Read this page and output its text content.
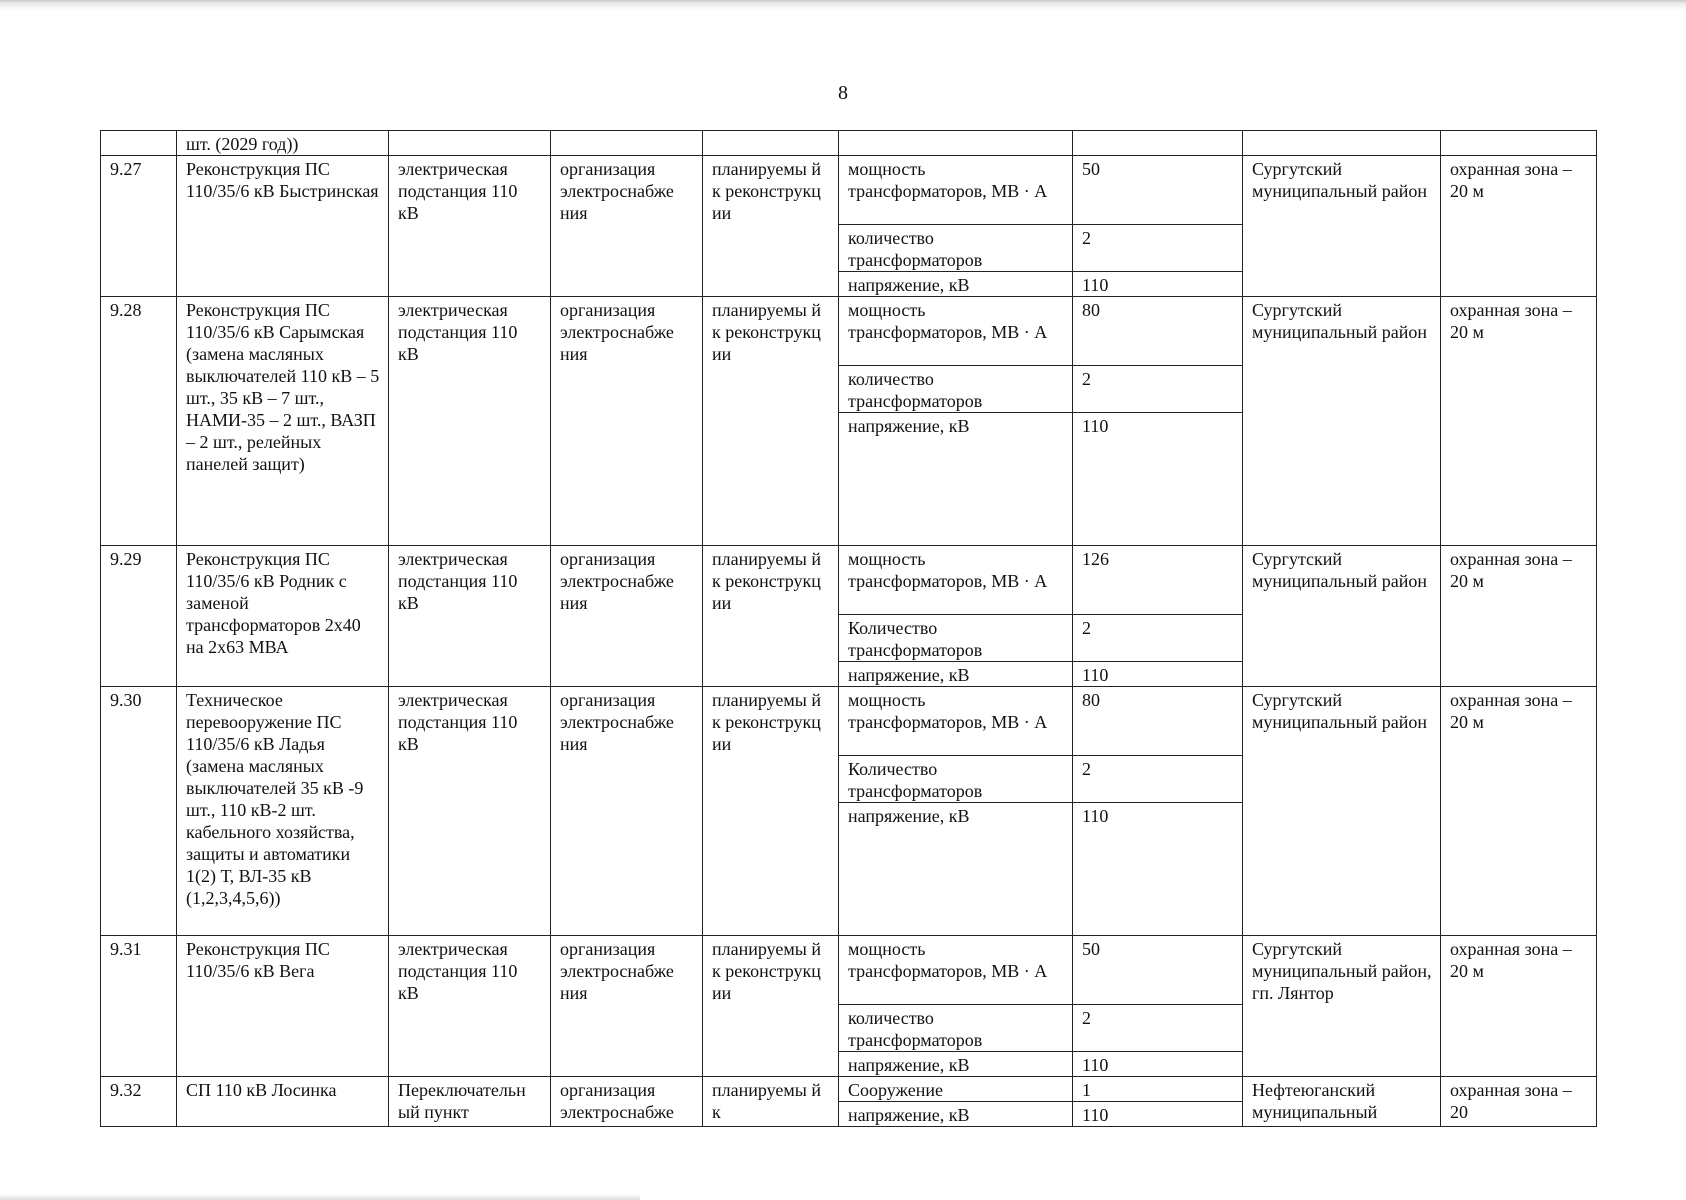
8
	шт. (2029 год))							
9.27	Реконструкция ПС 110/35/6 кВ Быстринская	электрическая подстанция 110 кВ	организация электроснабже ния	планируемы й к реконструкц ии	мощность трансформаторов, МВ · А	50	Сургутский муниципальный район	охранная зона – 20 м
					количество трансформаторов	2		
					напряжение, кВ	110		
9.28	Реконструкция ПС 110/35/6 кВ Сарымская (замена масляных выключателей 110 кВ – 5 шт., 35 кВ – 7 шт., НАМИ-35 – 2 шт., ВАЗП – 2 шт., релейных панелей защит)	электрическая подстанция 110 кВ	организация электроснабже ния	планируемы й к реконструкц ии	мощность трансформаторов, МВ · А	80	Сургутский муниципальный район	охранная зона – 20 м
					количество трансформаторов	2		
					напряжение, кВ	110		
9.29	Реконструкция ПС 110/35/6 кВ Родник с заменой трансформаторов 2х40 на 2х63 МВА	электрическая подстанция 110 кВ	организация электроснабже ния	планируемы й к реконструкц ии	мощность трансформаторов, МВ · А	126	Сургутский муниципальный район	охранная зона – 20 м
					Количество трансформаторов	2		
					напряжение, кВ	110		
9.30	Техническое перевооружение ПС 110/35/6 кВ Ладья (замена масляных выключателей 35 кВ -9 шт., 110 кВ-2 шт. кабельного хозяйства, защиты и автоматики 1(2) Т, ВЛ-35 кВ (1,2,3,4,5,6))	электрическая подстанция 110 кВ	организация электроснабже ния	планируемы й к реконструкц ии	мощность трансформаторов, МВ · А	80	Сургутский муниципальный район	охранная зона – 20 м
					Количество трансформаторов	2		
					напряжение, кВ	110		
9.31	Реконструкция ПС 110/35/6 кВ Вега	электрическая подстанция 110 кВ	организация электроснабже ния	планируемы й к реконструкц ии	мощность трансформаторов, МВ · А	50	Сургутский муниципальный район, гп. Лянтор	охранная зона – 20 м
					количество трансформаторов	2		
					напряжение, кВ	110		
9.32	СП 110 кВ Лосинка	Переключательн ый пункт	организация электроснабже	планируемы й к	Сооружение	1	Нефтеюганский муниципальный	охранная зона – 20
					напряжение, кВ	110		
